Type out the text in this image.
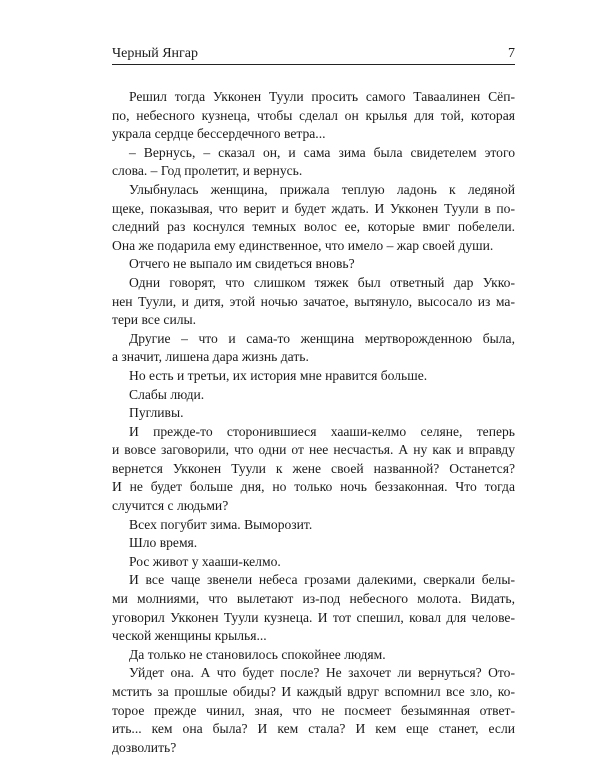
Черный Янгар	7

Решил тогда Укконен Туули просить самого Таваалинен Сёп-
по, небесного кузнеца, чтобы сделал он крылья для той, которая
украла сердце бессердечного ветра...

– Вернусь, – сказал он, и сама зима была свидетелем этого
слова. – Год пролетит, и вернусь.

Улыбнулась женщина, прижала теплую ладонь к ледяной
щеке, показывая, что верит и будет ждать. И Укконен Туули в по-
следний раз коснулся темных волос ее, которые вмиг побелели.
Она же подарила ему единственное, что имело – жар своей души.

Отчего не выпало им свидеться вновь?

Одни говорят, что слишком тяжек был ответный дар Укко-
нен Туули, и дитя, этой ночью зачатое, вытянуло, высосало из ма-
тери все силы.

Другие – что и сама-то женщина мертворожденною была,
а значит, лишена дара жизнь дать.

Но есть и третьи, их история мне нравится больше.

Слабы люди.

Пугливы.

И прежде-то сторонившиеся хааши-келмо селяне, теперь
и вовсе заговорили, что одни от нее несчастья. А ну как и вправду
вернется Укконен Туули к жене своей названной? Останется?
И не будет больше дня, но только ночь беззаконная. Что тогда
случится с людьми?

Всех погубит зима. Выморозит.

Шло время.

Рос живот у хааши-келмо.

И все чаще звенели небеса грозами далекими, сверкали белы-
ми молниями, что вылетают из-под небесного молота. Видать,
уговорил Укконен Туули кузнеца. И тот спешил, ковал для челове-
ческой женщины крылья...

Да только не становилось спокойнее людям.

Уйдет она. А что будет после? Не захочет ли вернуться? Ото-
мстить за прошлые обиды? И каждый вдруг вспомнил все зло, ко-
торое прежде чинил, зная, что не посмеет безымянная ответ-
ить... кем она была? И кем стала? И кем еще станет, если
дозволить?
